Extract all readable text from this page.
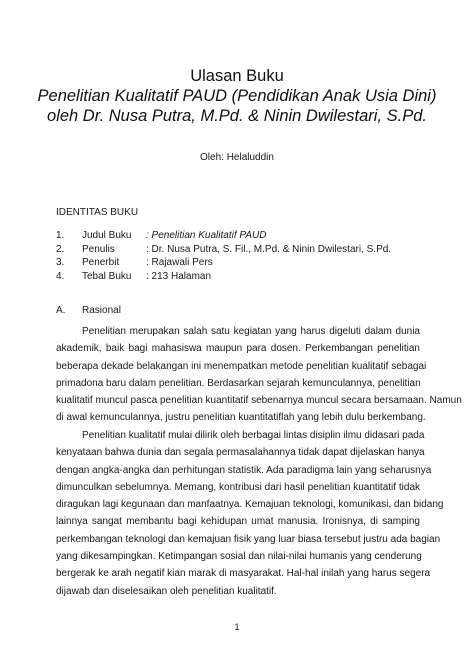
Ulasan Buku
Penelitian Kualitatif PAUD (Pendidikan Anak Usia Dini)
oleh Dr. Nusa Putra, M.Pd. & Ninin Dwilestari, S.Pd.
Oleh: Helaluddin
IDENTITAS BUKU
1.	Judul Buku	: Penelitian Kualitatif PAUD
2.	Penulis	: Dr. Nusa Putra, S. Fil., M.Pd. & Ninin Dwilestari, S.Pd.
3.	Penerbit	: Rajawali Pers
4.	Tebal Buku	: 213 Halaman
A. Rasional
Penelitian merupakan salah satu kegiatan yang harus digeluti dalam dunia
akademik, baik bagi mahasiswa maupun para dosen. Perkembangan penelitian
beberapa dekade belakangan ini menempatkan metode penelitian kualitatif sebagai
primadona baru dalam penelitian. Berdasarkan sejarah kemunculannya, penelitian
kualitatif muncul pasca penelitian kuantitatif sebenarnya muncul secara bersamaan. Namun
di awal kemunculannya, justru penelitian kuantitatiflah yang lebih dulu berkembang.
Penelitian kualitatif mulai dilirik oleh berbagai lintas disiplin ilmu didasari pada
kenyataan bahwa dunia dan segala permasalahannya tidak dapat dijelaskan hanya
dengan angka-angka dan perhitungan statistik. Ada paradigma lain yang seharusnya
dimunculkan sebelumnya. Memang, kontribusi dari hasil penelitian kuantitatif tidak
diragukan lagi kegunaan dan manfaatnya. Kemajuan teknologi, komunikasi, dan bidang
lainnya sangat membantu bagi kehidupan umat manusia. Ironisnya, di samping
perkembangan teknologi dan kemajuan fisik yang luar biasa tersebut justru ada bagian
yang dikesampingkan. Ketimpangan sosial dan nilai-nilai humanis yang cenderung
bergerak ke arah negatif kian marak di masyarakat. Hal-hal inilah yang harus segera
dijawab dan diselesaikan oleh penelitian kualitatif.
1
